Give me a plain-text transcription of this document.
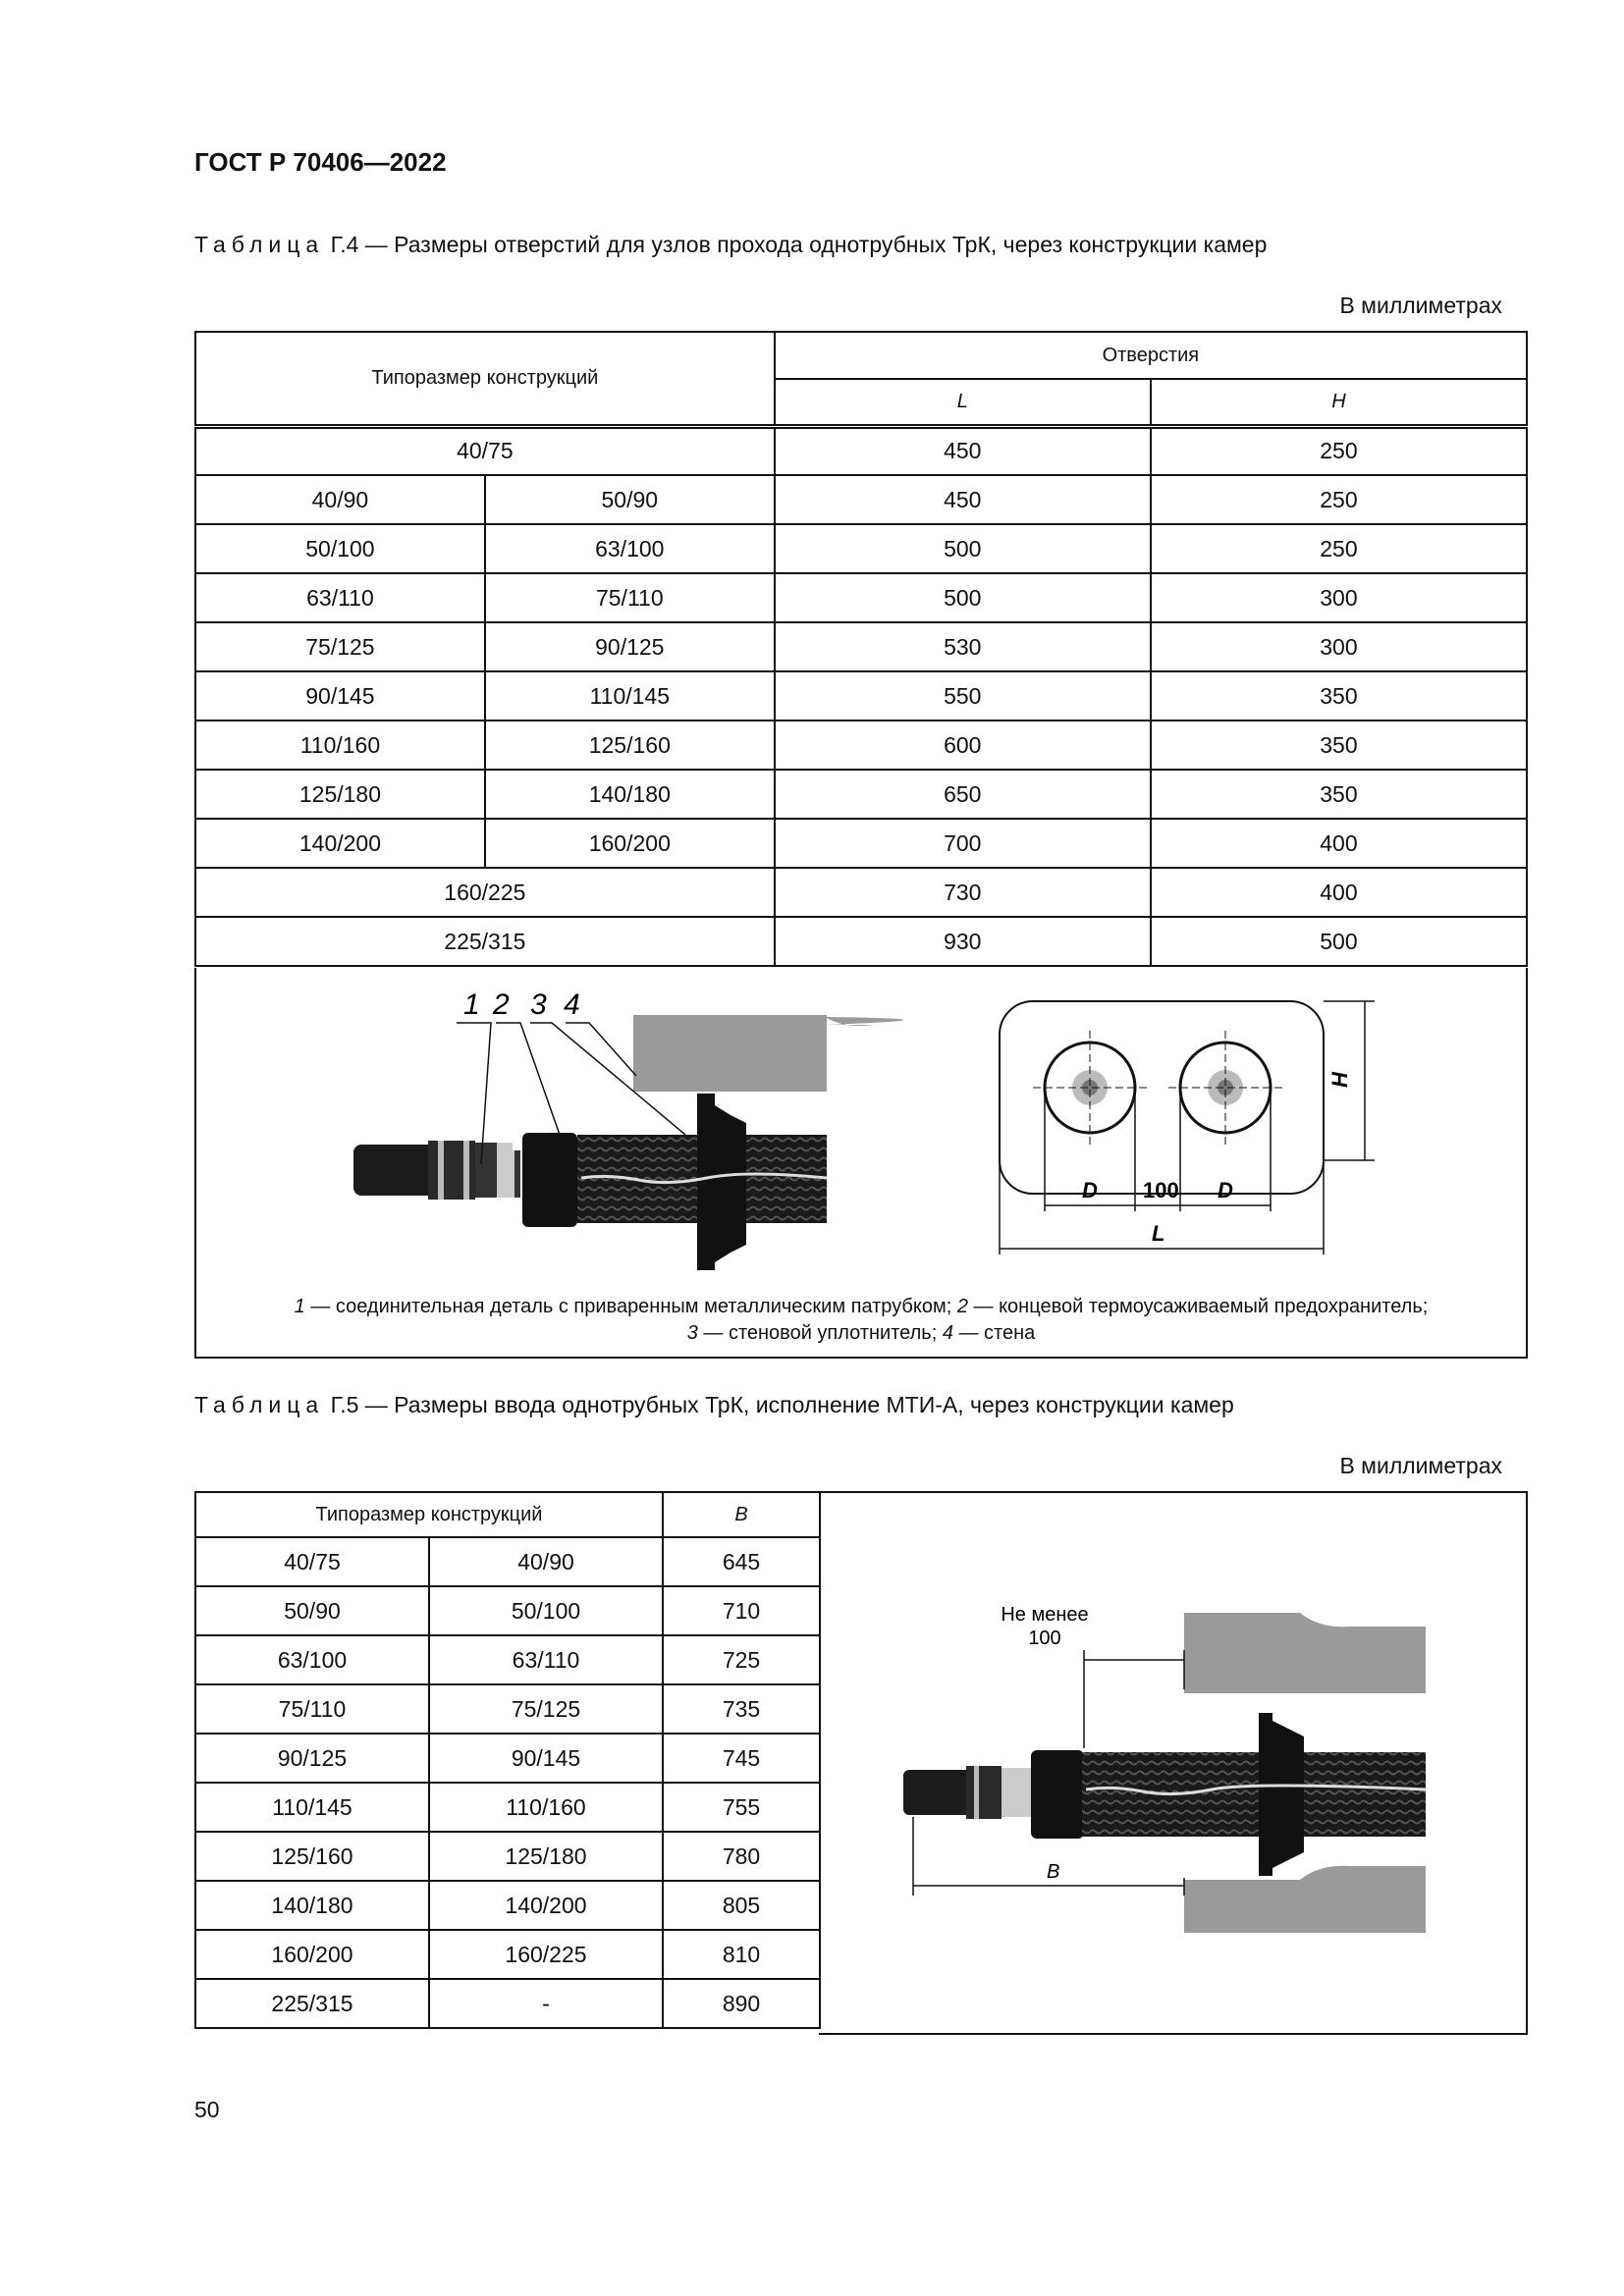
ГОСТ Р 70406—2022
Таблица Г.4 — Размеры отверстий для узлов прохода однотрубных ТрК, через конструкции камер
В миллиметрах
Типоразмер конструкций		Отверстия	
		L	H
40/75		450	250
40/90	50/90	450	250
50/100	63/100	500	250
63/110	75/110	500	300
75/125	90/125	530	300
90/145	110/145	550	350
110/160	125/160	600	350
125/180	140/180	650	350
140/200	160/200	700	400
160/225		730	400
225/315		930	500
1 2 3 4
D	D
L
H
100
1 — соединительная деталь с приваренным металлическим патрубком; 2 — концевой термоусаживаемый предохранитель;
3 — стеновой уплотнитель; 4 — стена
Таблица Г.5 — Размеры ввода однотрубных ТрК, исполнение МТИ-А, через конструкции камер
В миллиметрах
Типоразмер конструкций		B
40/75	40/90	645
50/90	50/100	710
63/100	63/110	725
75/110	75/125	735
90/125	90/145	745
110/145	110/160	755
125/160	125/180	780
140/180	140/200	805
160/200	160/225	810
225/315	-	890
Не менее
100
B
50
